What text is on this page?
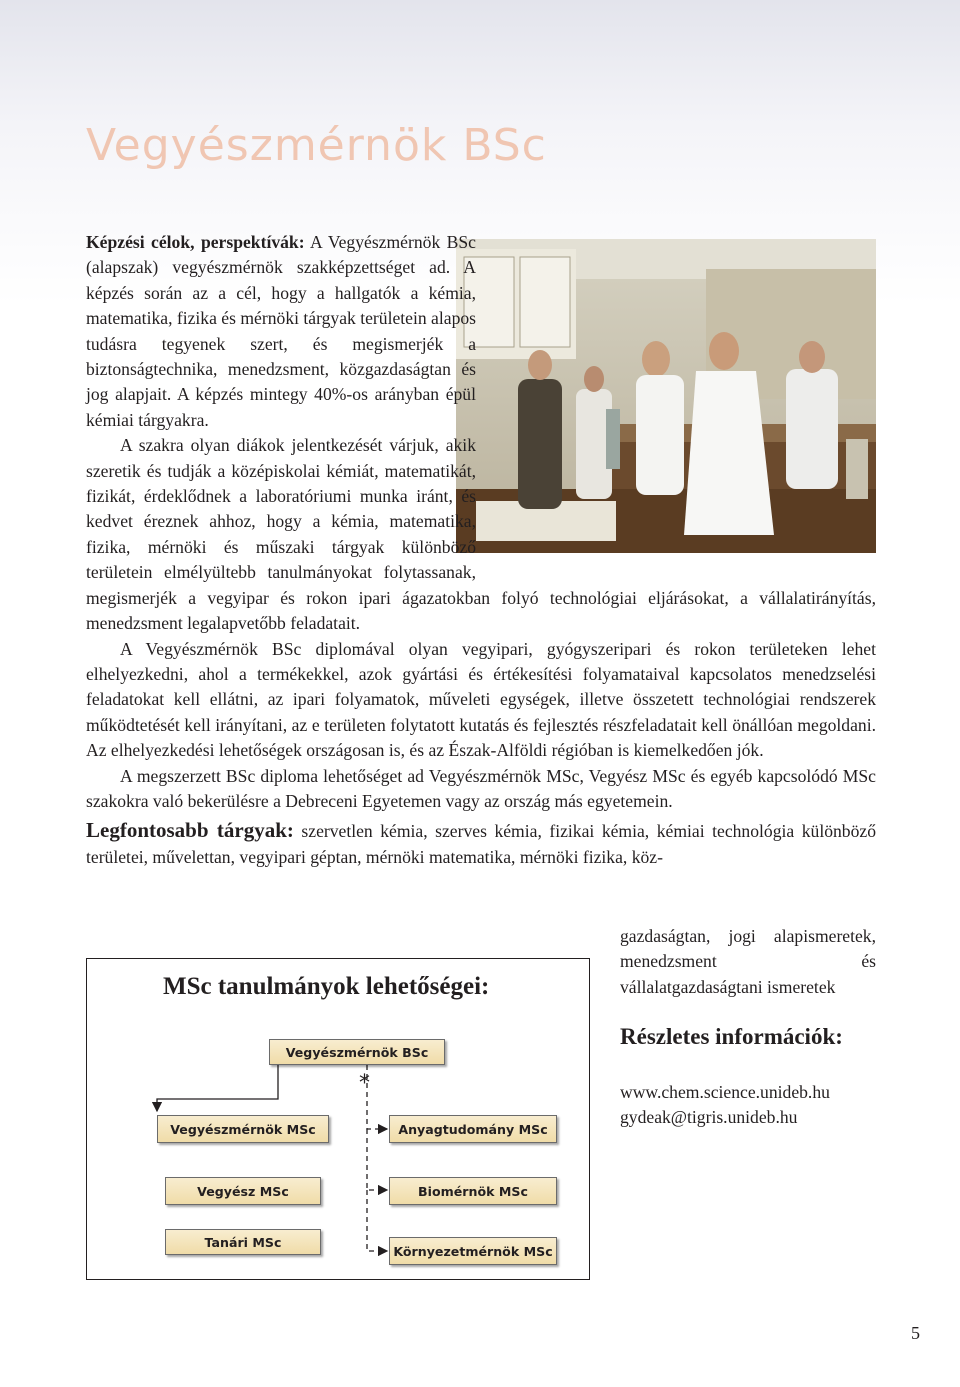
Vegyészmérnök BSc

Képzési célok, perspektívák: A Vegyészmérnök BSc (alapszak) vegyészmérnök szakképzettséget ad. A képzés során az a cél, hogy a hallgatók a kémia, matematika, fizika és mérnöki tárgyak területein alapos tudásra tegyenek szert, és megismerjék a biztonságtechnika, menedzsment, közgazdaságtan és jog alapjait. A képzés mintegy 40%-os arányban épül kémiai tárgyakra.

A szakra olyan diákok jelentkezését várjuk, akik szeretik és tudják a középiskolai kémiát, matematikát, fizikát, érdeklődnek a laboratóriumi munka iránt, és kedvet éreznek ahhoz, hogy a kémia, matematika, fizika, mérnöki és műszaki tárgyak különböző területein elmélyültebb tanulmányokat folytassanak, megismerjék a vegyipar és rokon ipari ágazatokban folyó technológiai eljárásokat, a vállalatirányítás, menedzsment legalapvetőbb feladatait.

A Vegyészmérnök BSc diplomával olyan vegyipari, gyógyszeripari és rokon területeken lehet elhelyezkedni, ahol a termékekkel, azok gyártási és értékesítési folyamataival kapcsolatos menedzselési feladatokat kell ellátni, az ipari folyamatok, műveleti egységek, illetve összetett technológiai rendszerek működtetését kell irányítani, az e területen folytatott kutatás és fejlesztés részfeladatait kell önállóan megoldani. Az elhelyezkedési lehetőségek országosan is, és az Észak-Alföldi régióban is kiemelkedően jók.

A megszerzett BSc diploma lehetőséget ad Vegyészmérnök MSc, Vegyész MSc és egyéb kapcsolódó MSc szakokra való bekerülésre a Debreceni Egyetemen vagy az ország más egyetemein.

Legfontosabb tárgyak: szervetlen kémia, szerves kémia, fizikai kémia, kémiai technológia különböző területei, művelettan, vegyipari géptan, mérnöki matematika, mérnöki fizika, köz-

gazdaságtan, jogi alapismeretek, menedzsment és vállalatgazdaságtani ismeretek

Részletes információk:
www.chem.science.unideb.hu
gydeak@tigris.unideb.hu
MSc tanulmányok lehetőségei:
*
Vegyészmérnök BSc
Vegyészmérnök MSc
Vegyész MSc
Tanári MSc
Anyagtudomány MSc
Biomérnök MSc
Környezetmérnök MSc
5
